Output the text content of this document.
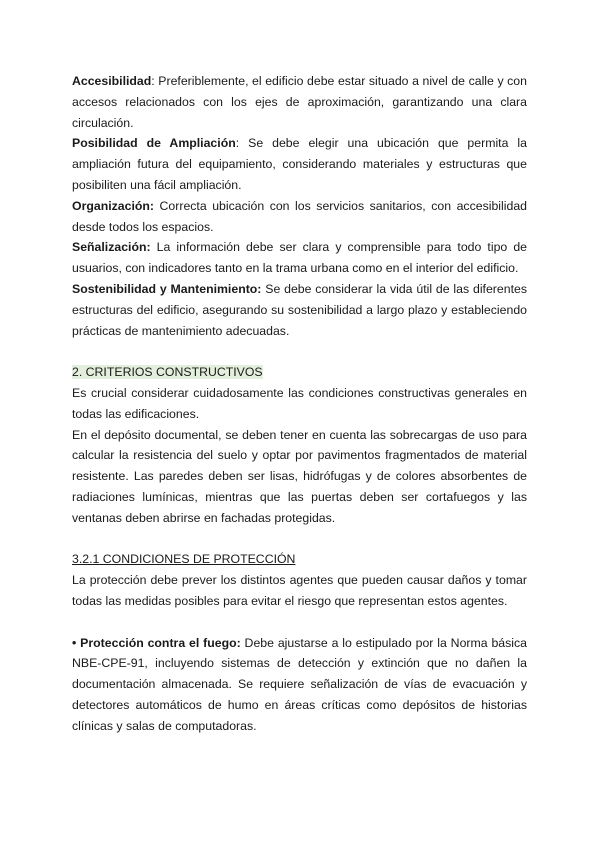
Accesibilidad: Preferiblemente, el edificio debe estar situado a nivel de calle y con accesos relacionados con los ejes de aproximación, garantizando una clara circulación.

Posibilidad de Ampliación: Se debe elegir una ubicación que permita la ampliación futura del equipamiento, considerando materiales y estructuras que posibiliten una fácil ampliación.

Organización: Correcta ubicación con los servicios sanitarios, con accesibilidad desde todos los espacios.

Señalización: La información debe ser clara y comprensible para todo tipo de usuarios, con indicadores tanto en la trama urbana como en el interior del edificio.

Sostenibilidad y Mantenimiento: Se debe considerar la vida útil de las diferentes estructuras del edificio, asegurando su sostenibilidad a largo plazo y estableciendo prácticas de mantenimiento adecuadas.

2. CRITERIOS CONSTRUCTIVOS

Es crucial considerar cuidadosamente las condiciones constructivas generales en todas las edificaciones.

En el depósito documental, se deben tener en cuenta las sobrecargas de uso para calcular la resistencia del suelo y optar por pavimentos fragmentados de material resistente. Las paredes deben ser lisas, hidrófugas y de colores absorbentes de radiaciones lumínicas, mientras que las puertas deben ser cortafuegos y las ventanas deben abrirse en fachadas protegidas.

3.2.1 CONDICIONES DE PROTECCIÓN

La protección debe prever los distintos agentes que pueden causar daños y tomar todas las medidas posibles para evitar el riesgo que representan estos agentes.

• Protección contra el fuego: Debe ajustarse a lo estipulado por la Norma básica NBE-CPE-91, incluyendo sistemas de detección y extinción que no dañen la documentación almacenada. Se requiere señalización de vías de evacuación y detectores automáticos de humo en áreas críticas como depósitos de historias clínicas y salas de computadoras.
